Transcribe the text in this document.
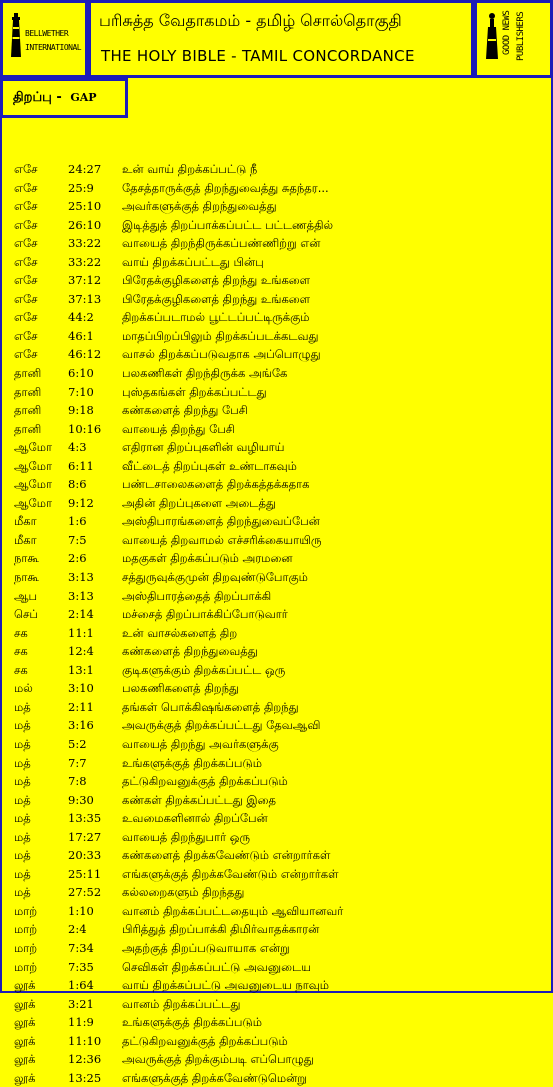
BELLWETHER
INTERNATIONAL
பரிசுத்த வேதாகமம் - தமிழ் சொல்தொகுதி
THE HOLY BIBLE - TAMIL CONCORDANCE
GOOD NEWS PUBLISHERS
திறப்பு - GAP
எசே	24:27 உன் வாய் திறக்கப்பட்டு நீ
எசே	25:9 தேசத்தாருக்குத் திறந்துவைத்து சுதந்தர...
எசே	25:10 அவர்களுக்குத் திறந்துவைத்து
எசே	26:10 இடித்துத் திறப்பாக்கப்பட்ட பட்டணத்தில்
எசே	33:22 வாயைத் திறந்திருக்கப்பண்ணிற்று என்
எசே	33:22 வாய் திறக்கப்பட்டது பின்பு
எசே	37:12 பிரேதக்குழிகளைத் திறந்து உங்களை
எசே	37:13 பிரேதக்குழிகளைத் திறந்து உங்களை
எசே	44:2 திறக்கப்படாமல் பூட்டப்பட்டிருக்கும்
எசே	46:1 மாதப்பிறப்பிலும் திறக்கப்படக்கடவது
எசே	46:12 வாசல் திறக்கப்படுவதாக அப்பொழுது
தானி 6:10 பலகணிகள் திறந்திருக்க அங்கே
தானி 7:10 புஸ்தகங்கள் திறக்கப்பட்டது
தானி 9:18 கண்களைத் திறந்து பேசி
தானி 10:16 வாயைத் திறந்து பேசி
ஆமோ 4:3	எதிரான திறப்புகளின் வழியாய்
ஆமோ 6:11 வீட்டைத் திறப்புகள் உண்டாகவும்
ஆமோ 8:6	பண்டசாலைகளைத் திறக்கத்தக்கதாக
ஆமோ 9:12 அதின் திறப்புகளை அடைத்து
மீகா	1:6	அஸ்திபாரங்களைத் திறந்துவைப்பேன்
மீகா	7:5	வாயைத் திறவாமல் எச்சரிக்கையாயிரு
நாகூ	2:6	மதகுகள் திறக்கப்படும் அரமனை
நாகூ	3:13 சத்துருவுக்குமுன் திறவுண்டுபோகும்
ஆப	3:13 அஸ்திபாரத்தைத் திறப்பாக்கி
செப்	2:14 மச்சைத் திறப்பாக்கிப்போடுவார்
சக	11:1 உன் வாசல்களைத் திற
சக	12:4 கண்களைத் திறந்துவைத்து
சக	13:1 குடிகளுக்கும் திறக்கப்பட்ட ஒரு
மல்	3:10 பலகணிகளைத் திறந்து
மத்	2:11 தங்கள் பொக்கிஷங்களைத் திறந்து
மத்	3:16 அவருக்குத் திறக்கப்பட்டது தேவஆவி
மத்	5:2	வாயைத் திறந்து அவர்களுக்கு
மத்	7:7	உங்களுக்குத் திறக்கப்படும்
மத்	7:8	தட்டுகிறவனுக்குத் திறக்கப்படும்
மத்	9:30 கண்கள் திறக்கப்பட்டது இதை
மத்	13:35 உவமைகளினால் திறப்பேன்
மத்	17:27 வாயைத் திறந்துபார் ஒரு
மத்	20:33 கண்களைத் திறக்கவேண்டும் என்றார்கள்
மத்	25:11 எங்களுக்குத் திறக்கவேண்டும் என்றார்கள்
மத்	27:52 கல்லறைகளும் திறந்தது
மாற்	1:10 வானம் திறக்கப்பட்டதையும் ஆவியானவர்
மாற்	2:4	பிரித்துத் திறப்பாக்கி திமிர்வாதக்காரன்
மாற்	7:34 அதற்குத் திறப்படுவாயாக என்று
மாற்	7:35 செவிகள் திறக்கப்பட்டு அவனுடைய
லூக்	1:64 வாய் திறக்கப்பட்டு அவனுடைய நாவும்
லூக்	3:21 வானம் திறக்கப்பட்டது
லூக்	11:9 உங்களுக்குத் திறக்கப்படும்
லூக்	11:10 தட்டுகிறவனுக்குத் திறக்கப்படும்
லூக்	12:36 அவருக்குத் திறக்கும்படி எப்பொழுது
லூக்	13:25 எங்களுக்குத் திறக்கவேண்டுமென்று
